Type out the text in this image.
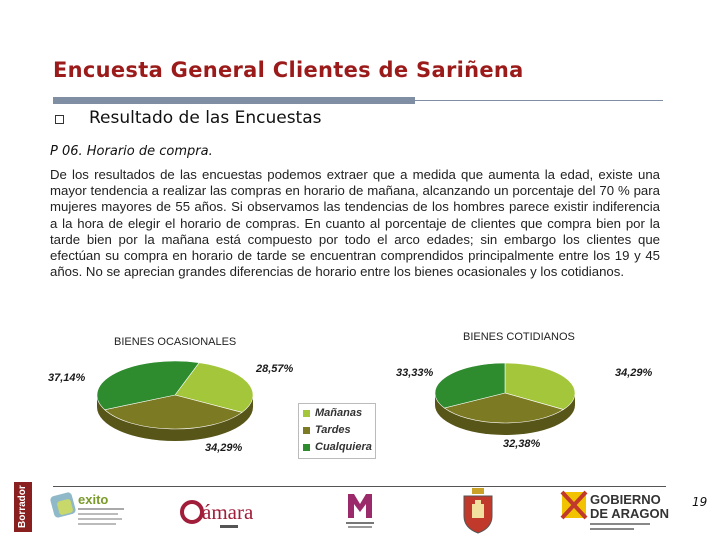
Encuesta General Clientes de Sariñena
Resultado de las Encuestas
P 06. Horario de compra.
De los resultados de las encuestas podemos extraer que a medida que aumenta la edad, existe una mayor tendencia a realizar las compras en horario de mañana, alcanzando un porcentaje del 70 % para mujeres mayores de 55 años. Si observamos las tendencias de los hombres parece existir indiferencia a la hora de elegir el horario de compras. En cuanto al porcentaje de clientes que compra bien por la tarde bien por la mañana está compuesto por todo el arco edades; sin embargo los clientes que efectúan su compra en horario de tarde se encuentran comprendidos principalmente entre los 19 y 45 años. No se aprecian grandes diferencias de horario entre los bienes ocasionales y los cotidianos.
BIENES OCASIONALES	BIENES COTIDIANOS
28,57%
34,29%
37,14%	34,29%
32,38%
33,33%
Mañanas
Tardes
Cualquiera
19
Borrador	exito
ámara
GOBIERNO
DE ARAGON
